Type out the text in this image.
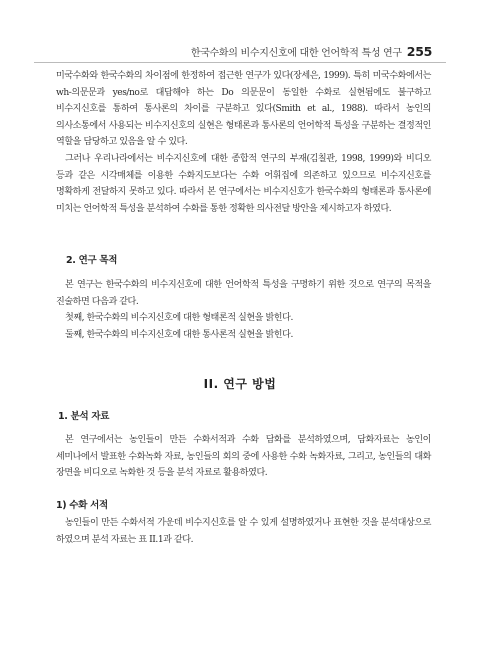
한국수화의 비수지신호에 대한 언어학적 특성 연구 255

미국수화와 한국수화의 차이점에 한정하여 접근한 연구가 있다(장세은, 1999). 특히 미국수화에서는 wh-의문문과 yes/no로 대답해야 하는 Do 의문문이 동일한 수화로 실현됨에도 불구하고 비수지신호를 통하여 통사론의 차이를 구분하고 있다(Smith et al., 1988). 따라서 농인의 의사소통에서 사용되는 비수지신호의 실현은 형태론과 통사론의 언어학적 특성을 구분하는 결정적인 역할을 담당하고 있음을 알 수 있다.

그러나 우리나라에서는 비수지신호에 대한 종합적 연구의 부재(김칠관, 1998, 1999)와 비디오 등과 같은 시각매체를 이용한 수화지도보다는 수화 어휘집에 의존하고 있으므로 비수지신호를 명확하게 전달하지 못하고 있다. 따라서 본 연구에서는 비수지신호가 한국수화의 형태론과 통사론에 미치는 언어학적 특성을 분석하여 수화를 통한 정확한 의사전달 방안을 제시하고자 하였다.

2. 연구 목적

본 연구는 한국수화의 비수지신호에 대한 언어학적 특성을 구명하기 위한 것으로 연구의 목적을 진술하면 다음과 같다.

첫째, 한국수화의 비수지신호에 대한 형태론적 실현을 밝힌다.

둘째, 한국수화의 비수지신호에 대한 통사론적 실현을 밝힌다.

II. 연구 방법
1. 분석 자료

본 연구에서는 농인들이 만든 수화서적과 수화 담화를 분석하였으며, 담화자료는 농인이 세미나에서 발표한 수화녹화 자료, 농인들의 회의 중에 사용한 수화 녹화자료, 그리고, 농인들의 대화 장면을 비디오로 녹화한 것 등을 분석 자료로 활용하였다.

1) 수화 서적

농인들이 만든 수화서적 가운데 비수지신호를 알 수 있게 설명하였거나 표현한 것을 분석대상으로 하였으며 분석 자료는 표 II.1과 같다.
